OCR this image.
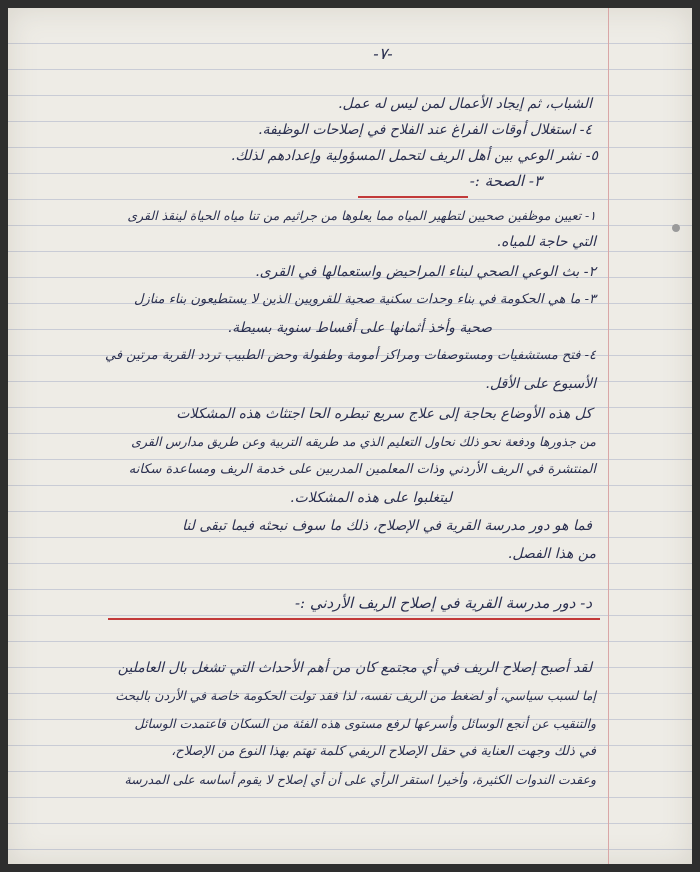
-٧-
الشباب، ثم إيجاد الأعمال لمن ليس له عمل.
٤- استغلال أوقات الفراغ عند الفلاح في إصلاحات الوظيفة.
٥- نشر الوعي بين أهل الريف لتحمل المسؤولية وإعدادهم لذلك.
٣- الصحة :-
١- تعيين موظفين صحيين لتطهير المياه مما يعلوها من جراثيم من تنا مياه الحياة لينقذ القرى
التي حاجة للمياه.
٢- بث الوعي الصحي لبناء المراحيض واستعمالها في القرى.
٣- ما هي الحكومة في بناء وحدات سكنية صحية للقرويين الذين لا يستطيعون بناء منازل
صحية وأخذ أثمانها على أقساط سنوية بسيطة.
٤- فتح مستشفيات ومستوصفات ومراكز أمومة وطفولة وحض الطبيب تردد القرية مرتين في
الأسبوع على الأقل.
كل هذه الأوضاع بحاجة إلى علاج سريع تبطره الحا اجتثاث هذه المشكلات
من جذورها ودفعة نحو ذلك نحاول التعليم الذي مد طريقه التربية وعن طريق مدارس القرى
المنتشرة في الريف الأردني وذات المعلمين المدربين على خدمة الريف ومساعدة سكانه
ليتغلبوا على هذه المشكلات.
فما هو دور مدرسة القرية في الإصلاح، ذلك ما سوف نبحثه فيما تبقى لنا
من هذا الفصل.
د- دور مدرسة القرية في إصلاح الريف الأردني :-
لقد أصبح إصلاح الريف في أي مجتمع كان من أهم الأحداث التي تشغل بال العاملين
إما لسبب سياسي، أو لضغط من الريف نفسه، لذا فقد تولت الحكومة خاصة في الأردن بالبحث
والتنقيب عن أنجع الوسائل وأسرعها لرفع مستوى هذه الفئة من السكان فاعتمدت الوسائل
في ذلك وجهت العناية في حقل الإصلاح الريفي كلمة تهتم بهذا النوع من الإصلاح،
وعقدت الندوات الكثيرة، وأخيرا استقر الرأي على أن أي إصلاح لا يقوم أساسه على المدرسة
